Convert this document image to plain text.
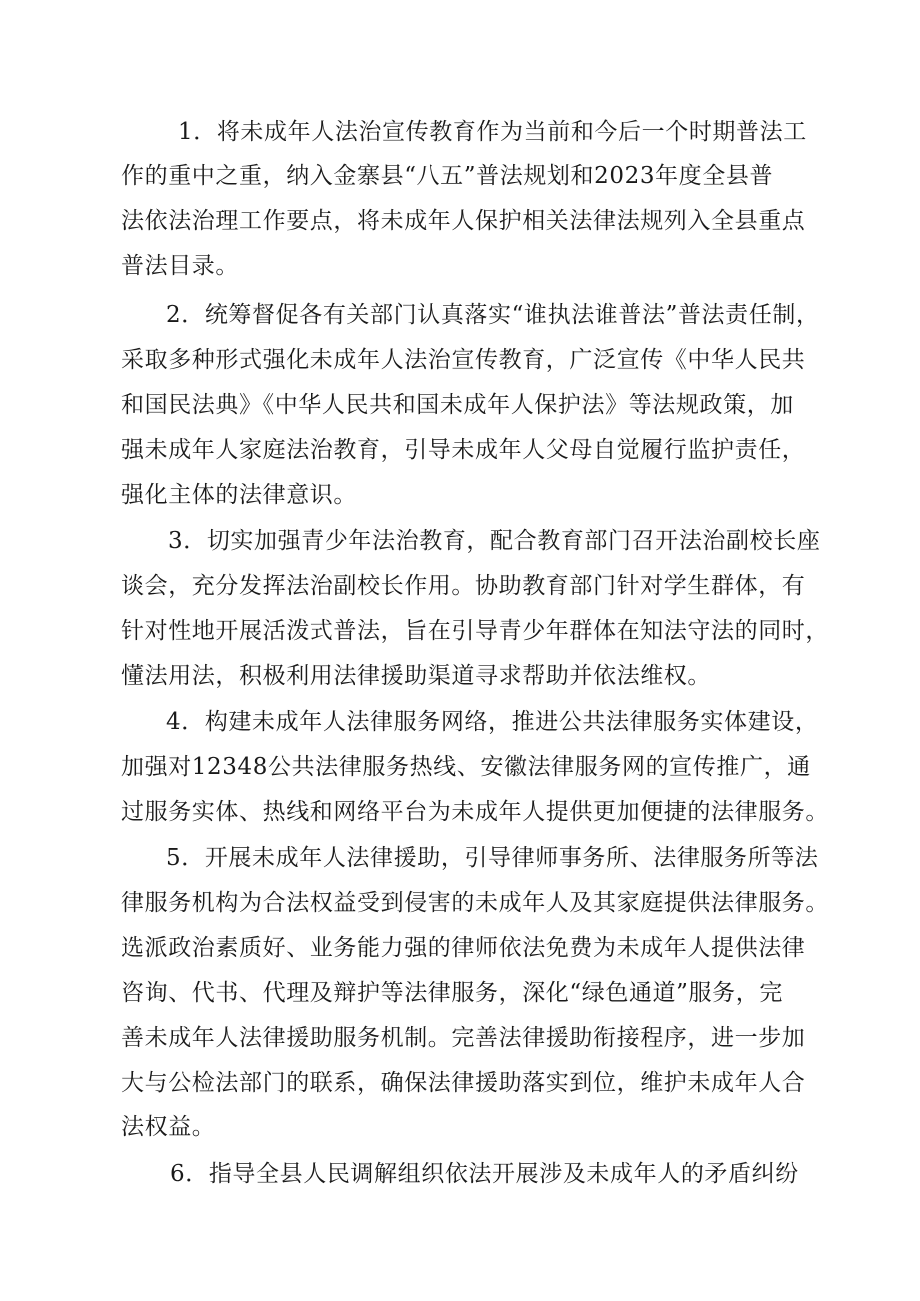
1．将未成年人法治宣传教育作为当前和今后一个时期普法工
作的重中之重，纳入金寨县“八五”普法规划和2023年度全县普
法依法治理工作要点，将未成年人保护相关法律法规列入全县重点
普法目录。
2．统筹督促各有关部门认真落实“谁执法谁普法”普法责任制，
采取多种形式强化未成年人法治宣传教育，广泛宣传《中华人民共
和国民法典》《中华人民共和国未成年人保护法》等法规政策，加
强未成年人家庭法治教育，引导未成年人父母自觉履行监护责任，
强化主体的法律意识。
3．切实加强青少年法治教育，配合教育部门召开法治副校长座
谈会，充分发挥法治副校长作用。协助教育部门针对学生群体，有
针对性地开展活泼式普法，旨在引导青少年群体在知法守法的同时，
懂法用法，积极利用法律援助渠道寻求帮助并依法维权。
4．构建未成年人法律服务网络，推进公共法律服务实体建设，
加强对12348公共法律服务热线、安徽法律服务网的宣传推广，通
过服务实体、热线和网络平台为未成年人提供更加便捷的法律服务。
5．开展未成年人法律援助，引导律师事务所、法律服务所等法
律服务机构为合法权益受到侵害的未成年人及其家庭提供法律服务。
选派政治素质好、业务能力强的律师依法免费为未成年人提供法律
咨询、代书、代理及辩护等法律服务，深化“绿色通道”服务，完
善未成年人法律援助服务机制。完善法律援助衔接程序，进一步加
大与公检法部门的联系，确保法律援助落实到位，维护未成年人合
法权益。
6．指导全县人民调解组织依法开展涉及未成年人的矛盾纠纷
